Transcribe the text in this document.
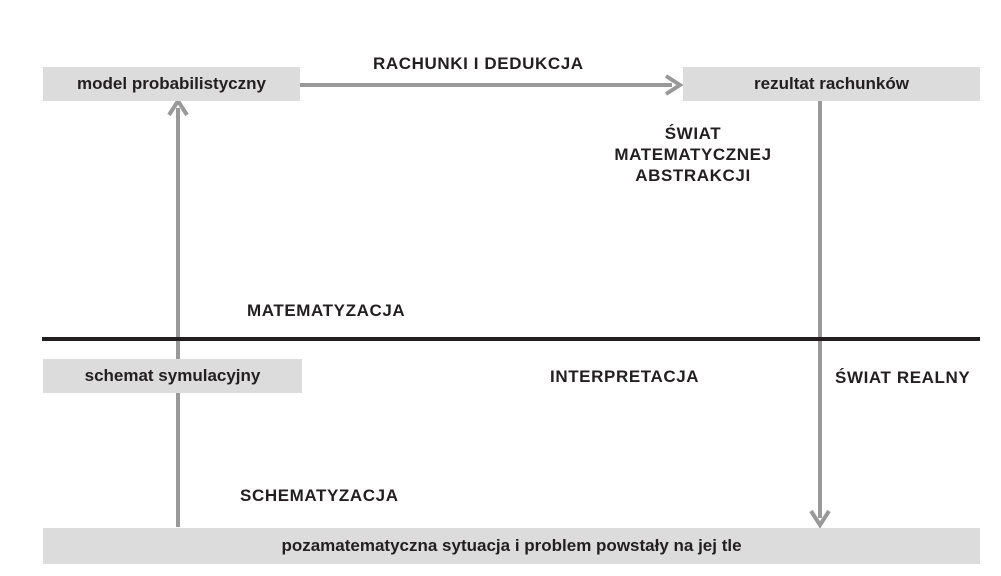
model probabilistyczny	rezultat rachunków
schemat symulacyjny
pozamatematyczna sytuacja i problem powstały na jej tle
RACHUNKI I DEDUKCJA
ŚWIAT
MATEMATYCZNEJ
ABSTRAKCJI
MATEMATYZACJA
INTERPRETACJA	ŚWIAT REALNY
SCHEMATYZACJA
